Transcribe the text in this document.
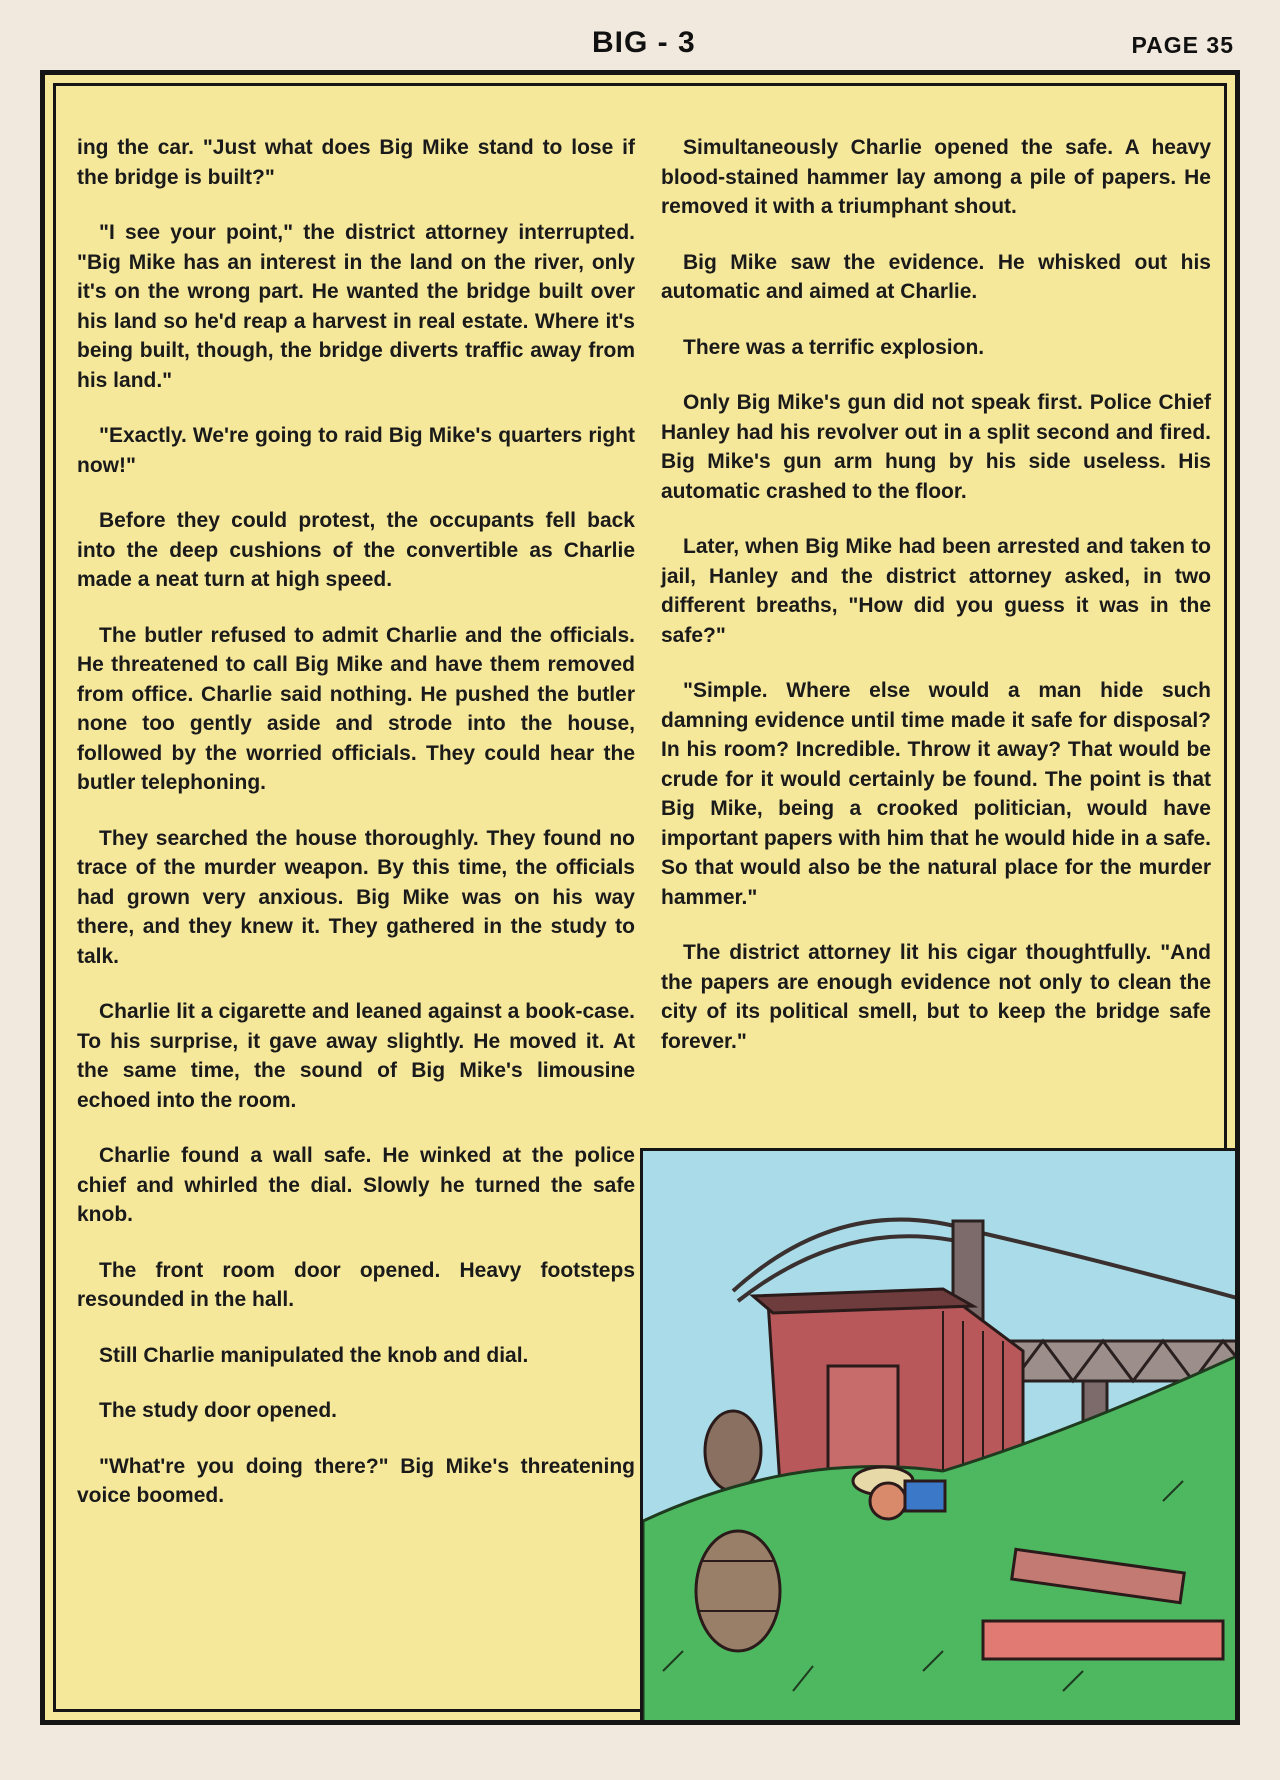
BIG - 3	PAGE 35

ing the car. "Just what does Big Mike stand to lose if the bridge is built?"

"I see your point," the district attorney interrupted. "Big Mike has an interest in the land on the river, only it's on the wrong part. He wanted the bridge built over his land so he'd reap a harvest in real estate. Where it's being built, though, the bridge diverts traffic away from his land."

"Exactly. We're going to raid Big Mike's quarters right now!"

Before they could protest, the occupants fell back into the deep cushions of the convertible as Charlie made a neat turn at high speed.

The butler refused to admit Charlie and the officials. He threatened to call Big Mike and have them removed from office. Charlie said nothing. He pushed the butler none too gently aside and strode into the house, followed by the worried officials. They could hear the butler telephoning.

They searched the house thoroughly. They found no trace of the murder weapon. By this time, the officials had grown very anxious. Big Mike was on his way there, and they knew it. They gathered in the study to talk.

Charlie lit a cigarette and leaned against a book-case. To his surprise, it gave away slightly. He moved it. At the same time, the sound of Big Mike's limousine echoed into the room.

Charlie found a wall safe. He winked at the police chief and whirled the dial. Slowly he turned the safe knob.

The front room door opened. Heavy footsteps resounded in the hall.

Still Charlie manipulated the knob and dial.

The study door opened.

"What're you doing there?" Big Mike's threatening voice boomed.

Simultaneously Charlie opened the safe. A heavy blood-stained hammer lay among a pile of papers. He removed it with a triumphant shout.

Big Mike saw the evidence. He whisked out his automatic and aimed at Charlie.

There was a terrific explosion.

Only Big Mike's gun did not speak first. Police Chief Hanley had his revolver out in a split second and fired. Big Mike's gun arm hung by his side useless. His automatic crashed to the floor.

Later, when Big Mike had been arrested and taken to jail, Hanley and the district attorney asked, in two different breaths, "How did you guess it was in the safe?"

"Simple. Where else would a man hide such damning evidence until time made it safe for disposal? In his room? Incredible. Throw it away? That would be crude for it would certainly be found. The point is that Big Mike, being a crooked politician, would have important papers with him that he would hide in a safe. So that would also be the natural place for the murder hammer."

The district attorney lit his cigar thoughtfully. "And the papers are enough evidence not only to clean the city of its political smell, but to keep the bridge safe forever."
